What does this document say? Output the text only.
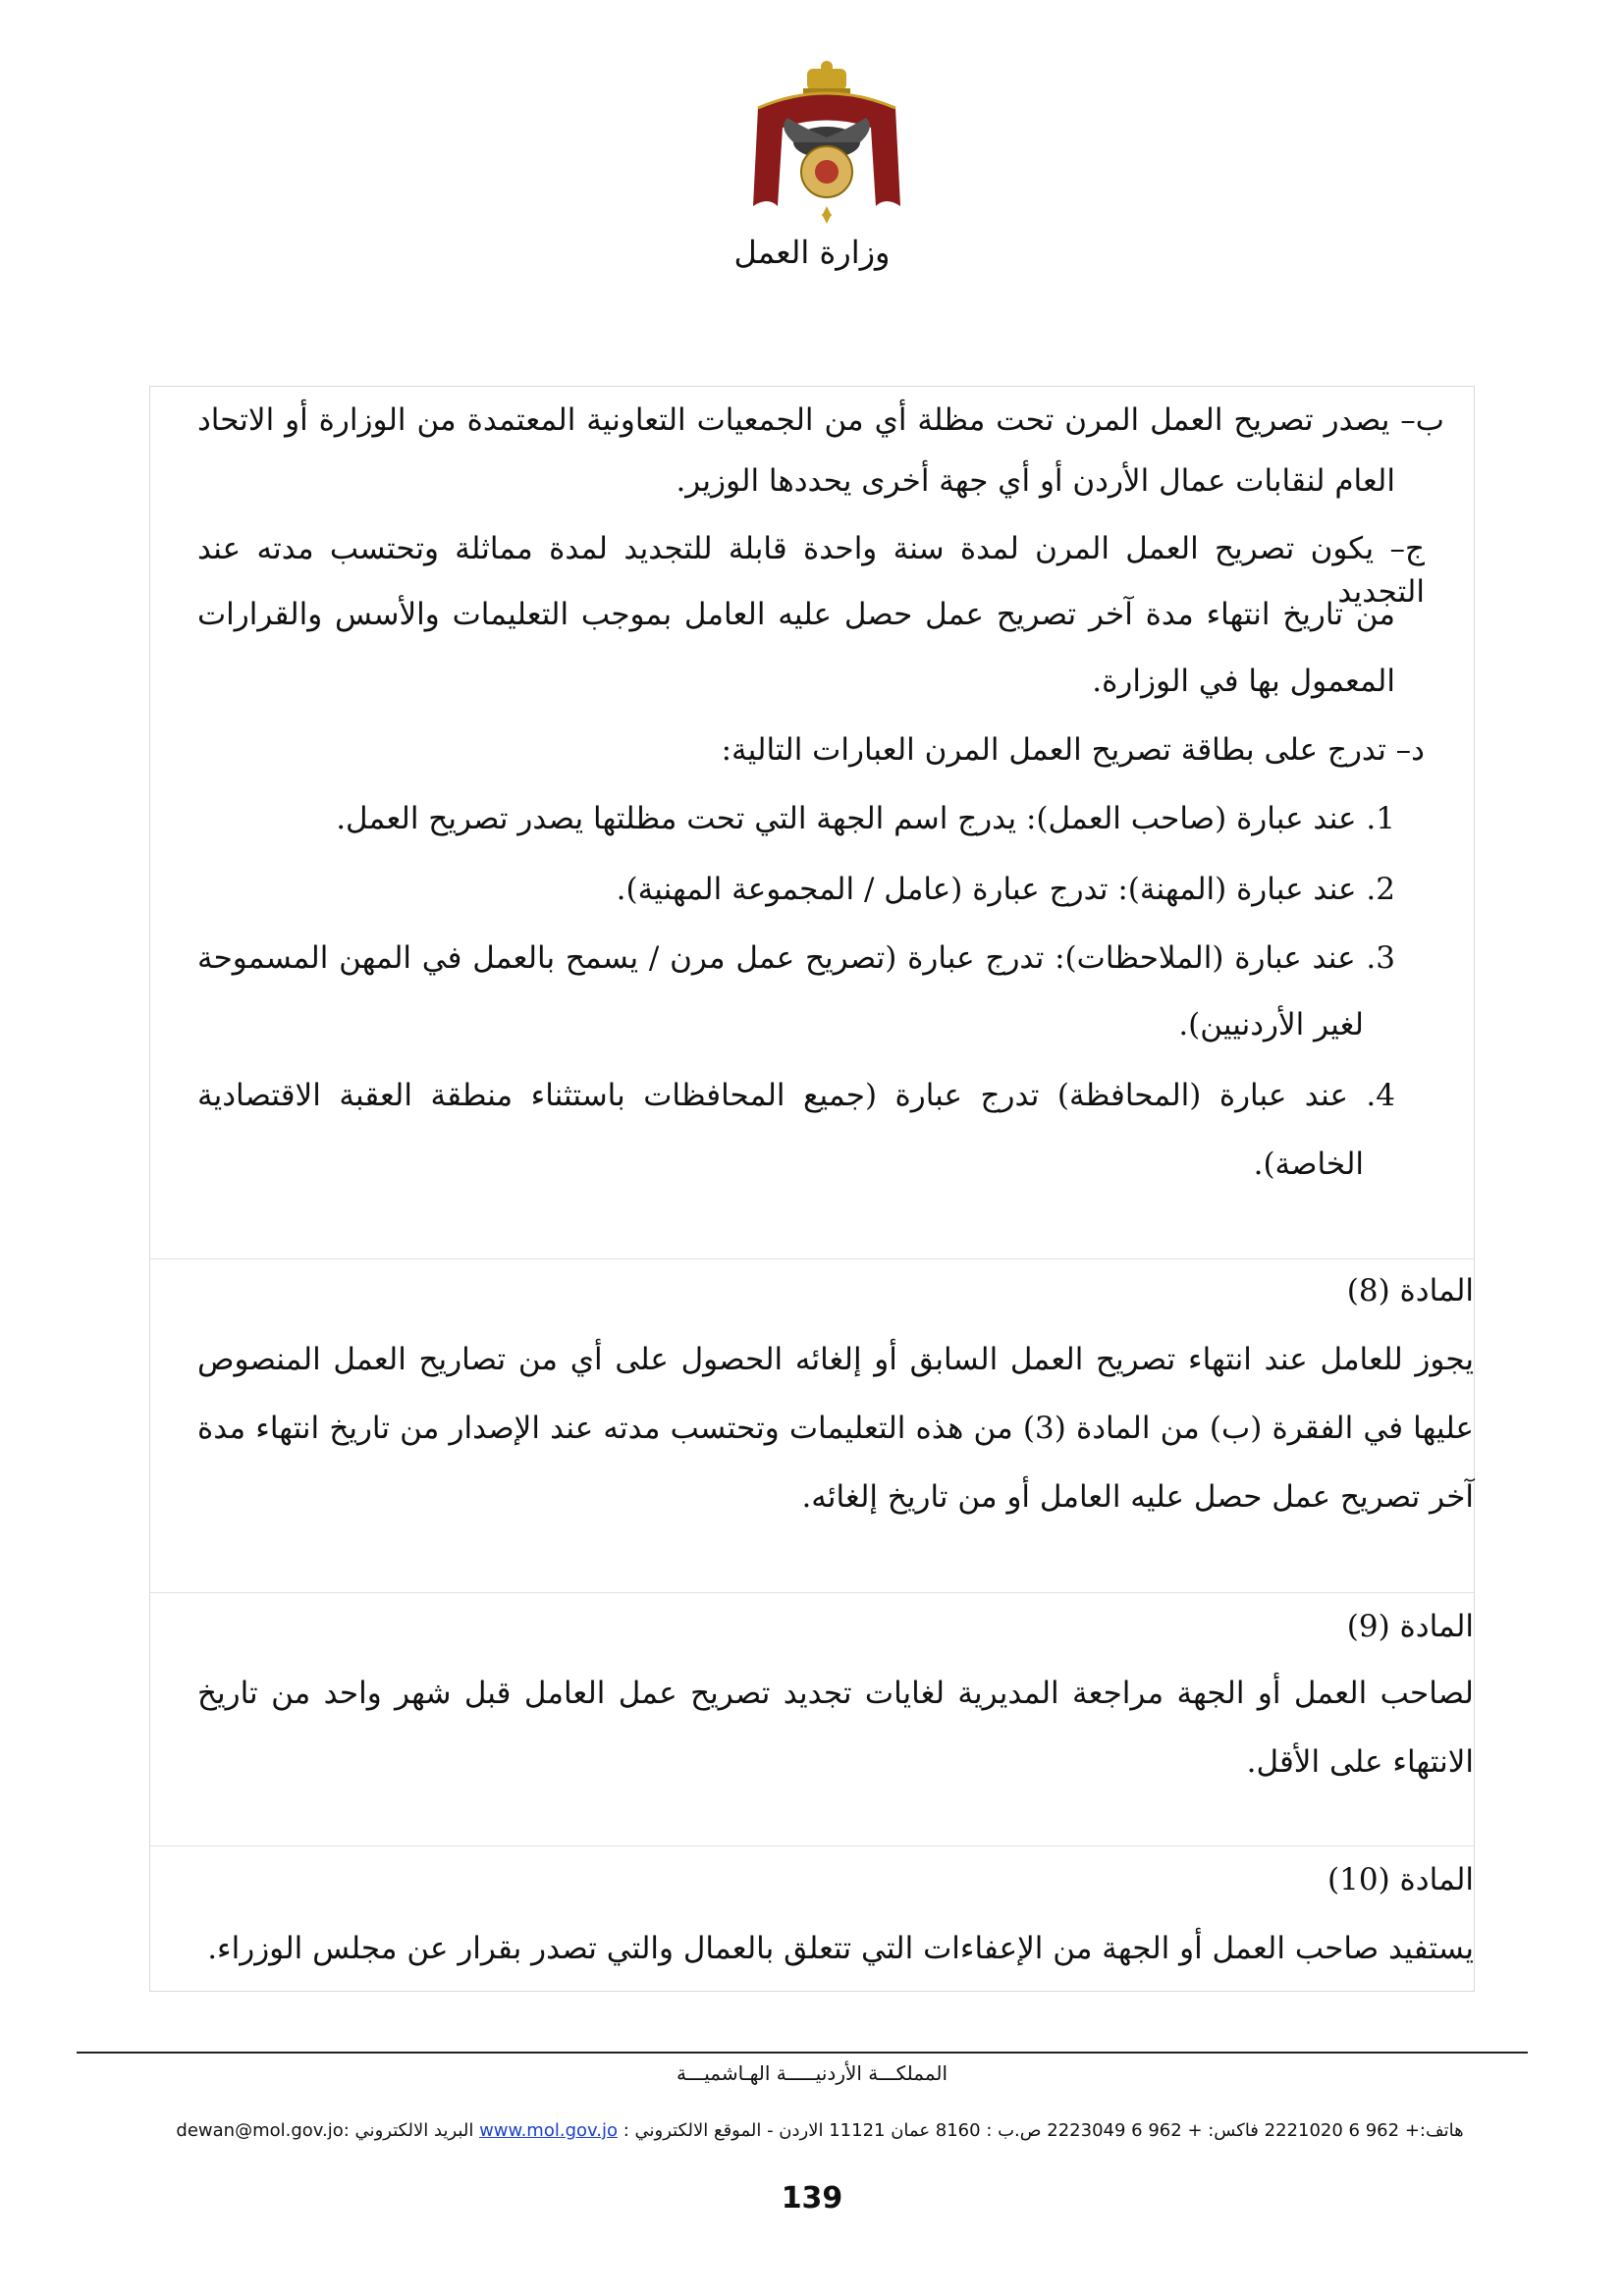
وزارة العمل
ب– يصدر تصريح العمل المرن تحت مظلة أي من الجمعيات التعاونية المعتمدة من الوزارة أو الاتحاد
العام لنقابات عمال الأردن أو أي جهة أخرى يحددها الوزير.
ج– يكون تصريح العمل المرن لمدة سنة واحدة قابلة للتجديد لمدة مماثلة وتحتسب مدته عند التجديد
من تاريخ انتهاء مدة آخر تصريح عمل حصل عليه العامل بموجب التعليمات والأسس والقرارات
المعمول بها في الوزارة.
د– تدرج على بطاقة تصريح العمل المرن العبارات التالية:
1. عند عبارة (صاحب العمل): يدرج اسم الجهة التي تحت مظلتها يصدر تصريح العمل.
2. عند عبارة (المهنة): تدرج عبارة (عامل / المجموعة المهنية).
3. عند عبارة (الملاحظات): تدرج عبارة (تصريح عمل مرن / يسمح بالعمل في المهن المسموحة
لغير الأردنيين).
4. عند عبارة (المحافظة) تدرج عبارة (جميع المحافظات باستثناء منطقة العقبة الاقتصادية
الخاصة).
المادة (8)
يجوز للعامل عند انتهاء تصريح العمل السابق أو إلغائه الحصول على أي من تصاريح العمل المنصوص
عليها في الفقرة (ب) من المادة (3) من هذه التعليمات وتحتسب مدته عند الإصدار من تاريخ انتهاء مدة
آخر تصريح عمل حصل عليه العامل أو من تاريخ إلغائه.
المادة (9)
لصاحب العمل أو الجهة مراجعة المديرية لغايات تجديد تصريح عمل العامل قبل شهر واحد من تاريخ
الانتهاء على الأقل.
المادة (10)
يستفيد صاحب العمل أو الجهة من الإعفاءات التي تتعلق بالعمال والتي تصدر بقرار عن مجلس الوزراء.
المملكـــة الأردنيـــــة الهـاشميـــة
هاتف:+ 962 6 2221020 فاكس: + 962 6 2223049 ص.ب : 8160 عمان 11121 الاردن - الموقع الالكتروني : www.mol.gov.jo البريد الالكتروني :dewan@mol.gov.jo
139
